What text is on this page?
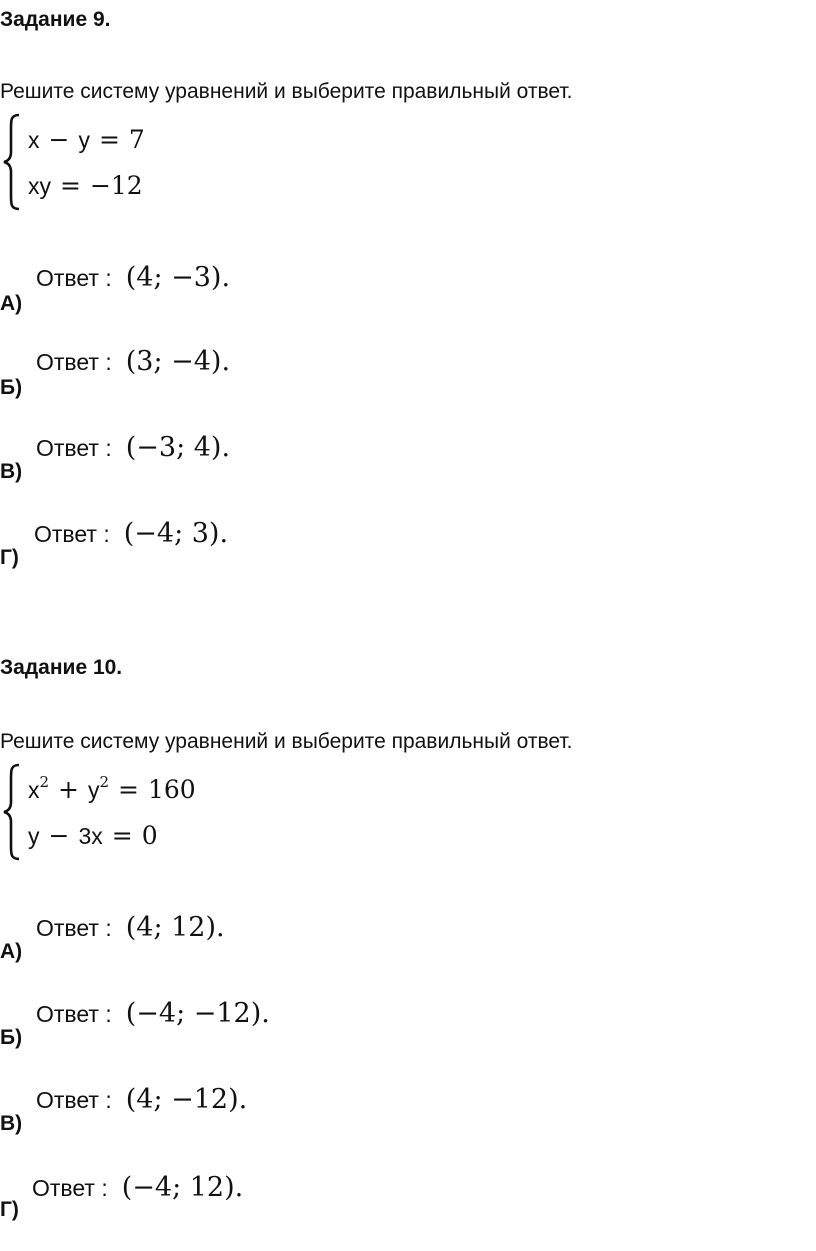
Задание 9.
Решите систему уравнений и выберите правильный ответ.
x − y = 7
xy = −12
А)
Ответ : (4; −3).
Б)
Ответ : (3; −4).
В)
Ответ : (−3; 4).
Г)
Ответ : (−4; 3).
Задание 10.
Решите систему уравнений и выберите правильный ответ.
$x^2 + y^2 = 160$
y − 3x = 0
А)
Ответ : (4; 12).
Б)
Ответ : (−4; −12).
В)
Ответ : (4; −12).
Г)
Ответ : (−4; 12).
